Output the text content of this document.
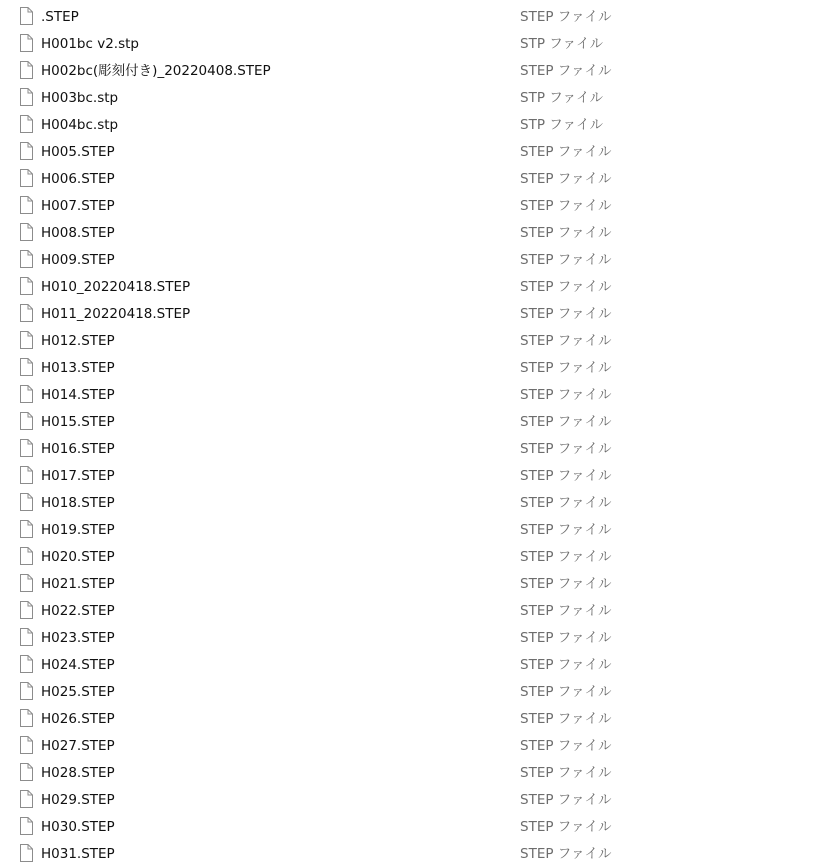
.STEP	STEP ファイル
H001bc v2.stp	STP ファイル
H002bc(彫刻付き)_20220408.STEP	STEP ファイル
H003bc.stp	STP ファイル
H004bc.stp	STP ファイル
H005.STEP	STEP ファイル
H006.STEP	STEP ファイル
H007.STEP	STEP ファイル
H008.STEP	STEP ファイル
H009.STEP	STEP ファイル
H010_20220418.STEP	STEP ファイル
H011_20220418.STEP	STEP ファイル
H012.STEP	STEP ファイル
H013.STEP	STEP ファイル
H014.STEP	STEP ファイル
H015.STEP	STEP ファイル
H016.STEP	STEP ファイル
H017.STEP	STEP ファイル
H018.STEP	STEP ファイル
H019.STEP	STEP ファイル
H020.STEP	STEP ファイル
H021.STEP	STEP ファイル
H022.STEP	STEP ファイル
H023.STEP	STEP ファイル
H024.STEP	STEP ファイル
H025.STEP	STEP ファイル
H026.STEP	STEP ファイル
H027.STEP	STEP ファイル
H028.STEP	STEP ファイル
H029.STEP	STEP ファイル
H030.STEP	STEP ファイル
H031.STEP	STEP ファイル
